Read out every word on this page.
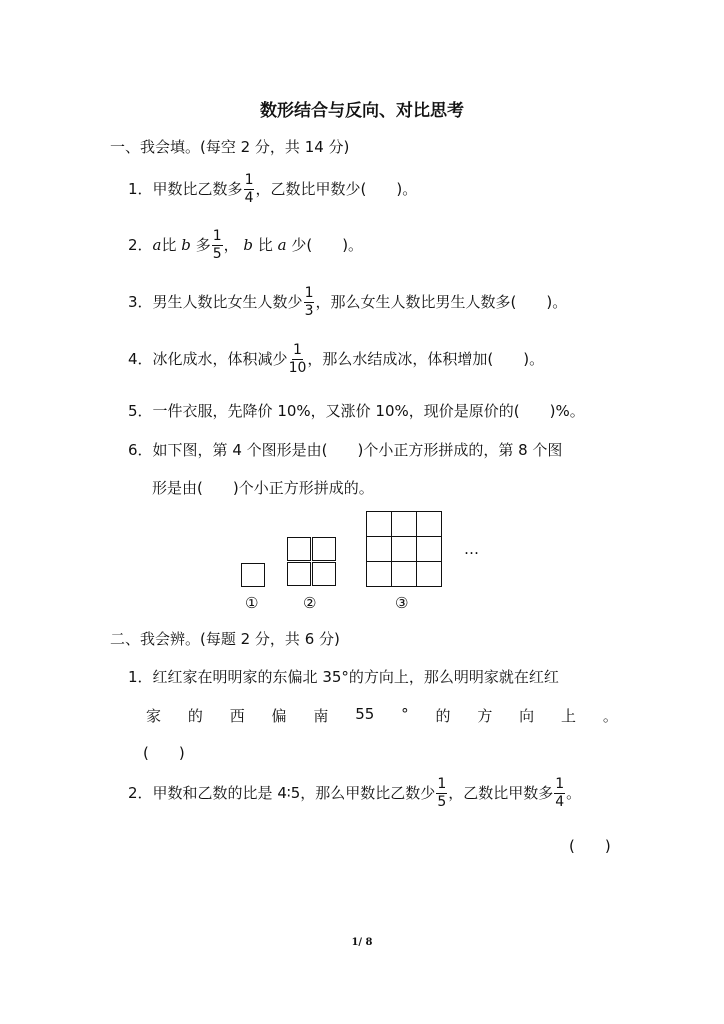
数形结合与反向、对比思考
一、我会填。(每空 2 分，共 14 分)
1．甲数比乙数多 $\frac{1}{4}$ ，乙数比甲数少( )。
2．a比 b 多 $\frac{1}{5}$ ， b 比 a 少( )。
3．男生人数比女生人数少 $\frac{1}{3}$ ，那么女生人数比男生人数多( )。
4．冰化成水，体积减少 $\frac{1}{10}$ ，那么水结成冰，体积增加( )。
5．一件衣服，先降价 10%，又涨价 10%，现价是原价的( )%。
6．如下图，第 4 个图形是由( )个小正方形拼成的，第 8 个图
形是由( )个小正方形拼成的。
…
①	②	③
二、我会辨。(每题 2 分，共 6 分)
1．红红家在明明家的东偏北 35°的方向上，那么明明家就在红红
家 的 西 偏 南 55 ° 的 方 向 上 。
( )
2．甲数和乙数的比是 4∶5，那么甲数比乙数少 $\frac{1}{5}$ ，乙数比甲数多 $\frac{1}{4}$ 。
( )
1/ 8
